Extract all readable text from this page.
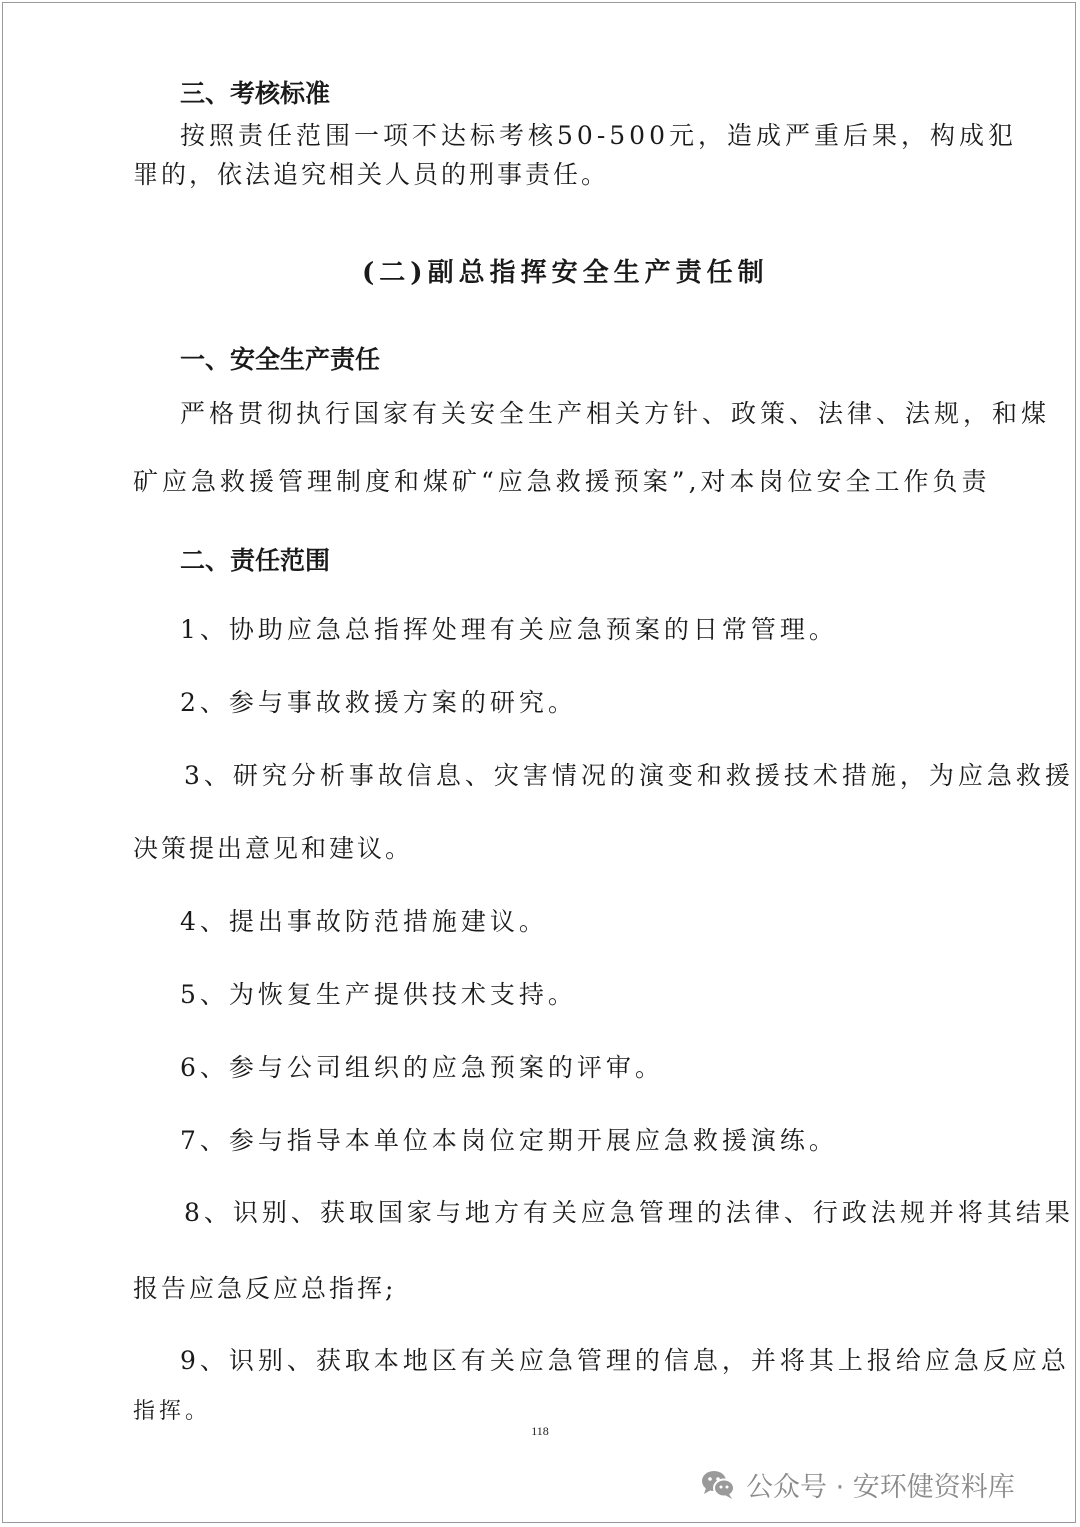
三、考核标准

按照责任范围一项不达标考核50-500元，造成严重后果，构成犯

罪的，依法追究相关人员的刑事责任。

(二)副总指挥安全生产责任制

一、安全生产责任

严格贯彻执行国家有关安全生产相关方针、政策、法律、法规，和煤

矿应急救援管理制度和煤矿“应急救援预案”,对本岗位安全工作负责

二、责任范围

1、协助应急总指挥处理有关应急预案的日常管理。

2、参与事故救援方案的研究。

3、研究分析事故信息、灾害情况的演变和救援技术措施，为应急救援

决策提出意见和建议。

4、提出事故防范措施建议。

5、为恢复生产提供技术支持。

6、参与公司组织的应急预案的评审。

7、参与指导本单位本岗位定期开展应急救援演练。

8、识别、获取国家与地方有关应急管理的法律、行政法规并将其结果

报告应急反应总指挥;

9、识别、获取本地区有关应急管理的信息，并将其上报给应急反应总

指挥。

118
公众号 · 安环健资料库
